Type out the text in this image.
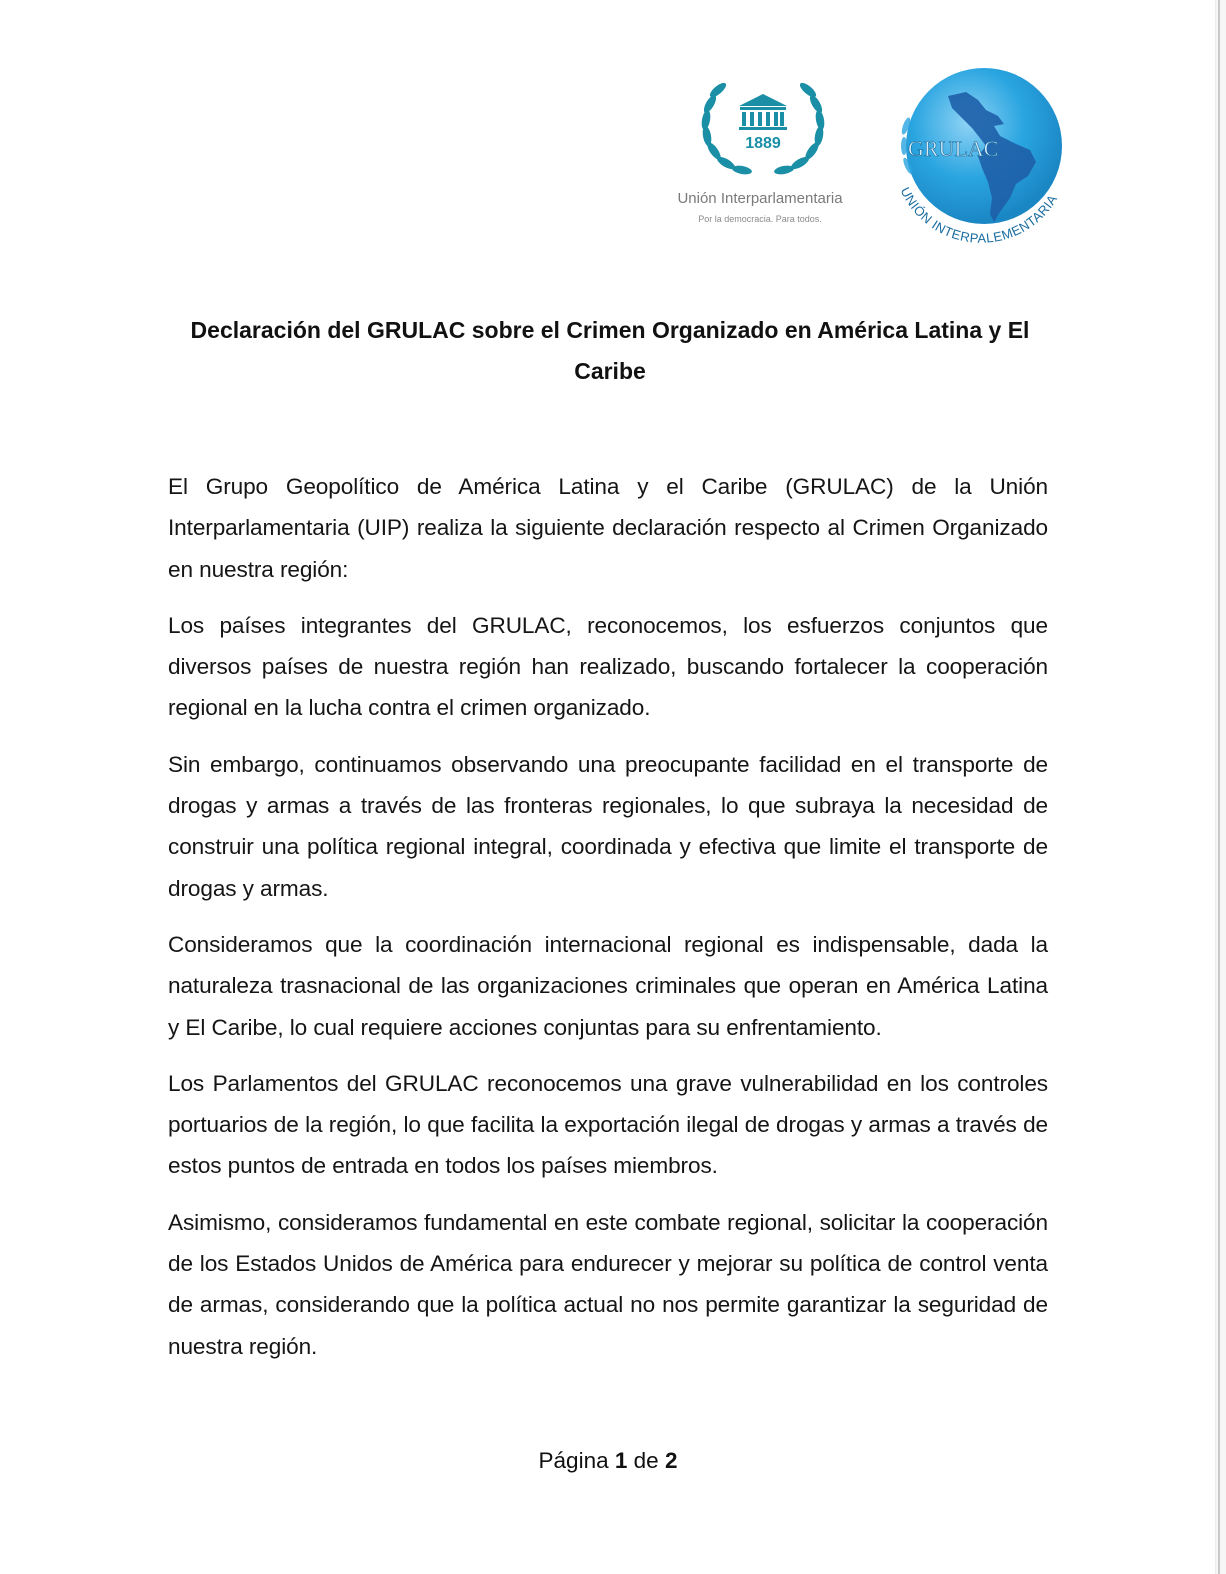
1889
Unión Interparlamentaria
Por la democracia. Para todos.
GRULAC
UNIÓN INTERPALEMENTARIA
Declaración del GRULAC sobre el Crimen Organizado en América Latina y El Caribe

El Grupo Geopolítico de América Latina y el Caribe (GRULAC) de la Unión Interparlamentaria (UIP) realiza la siguiente declaración respecto al Crimen Organizado en nuestra región:

Los países integrantes del GRULAC, reconocemos, los esfuerzos conjuntos que diversos países de nuestra región han realizado, buscando fortalecer la cooperación regional en la lucha contra el crimen organizado.

Sin embargo, continuamos observando una preocupante facilidad en el transporte de drogas y armas a través de las fronteras regionales, lo que subraya la necesidad de construir una política regional integral, coordinada y efectiva que limite el transporte de drogas y armas.

Consideramos que la coordinación internacional regional es indispensable, dada la naturaleza trasnacional de las organizaciones criminales que operan en América Latina y El Caribe, lo cual requiere acciones conjuntas para su enfrentamiento.

Los Parlamentos del GRULAC reconocemos una grave vulnerabilidad en los controles portuarios de la región, lo que facilita la exportación ilegal de drogas y armas a través de estos puntos de entrada en todos los países miembros.

Asimismo, consideramos fundamental en este combate regional, solicitar la cooperación de los Estados Unidos de América para endurecer y mejorar su política de control venta de armas, considerando que la política actual no nos permite garantizar la seguridad de nuestra región.

Página 1 de 2
